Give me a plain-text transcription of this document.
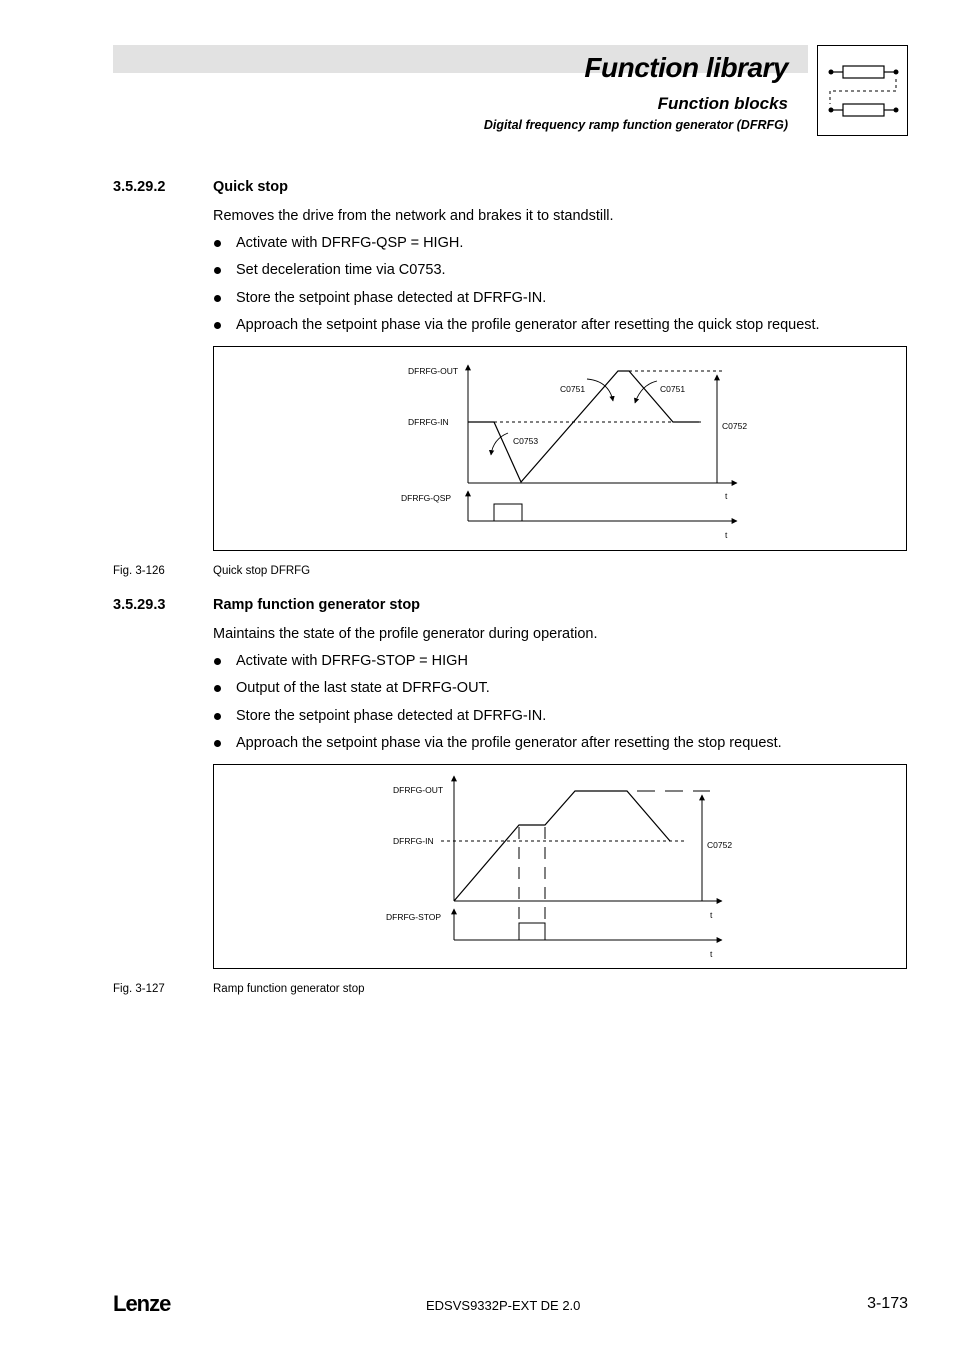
Function library
Function blocks
Digital frequency ramp function generator (DFRFG)
3.5.29.2	Quick stop
Removes the drive from the network and brakes it to standstill.
Activate with DFRFG-QSP = HIGH.
Set deceleration time via C0753.
Store the setpoint phase detected at DFRFG-IN.
Approach the setpoint phase via the profile generator after resetting the quick stop request.
DFRFG-OUT
DFRFG-IN
DFRFG-QSP
C0751	C0751
C0753
C0752
t
t
Fig. 3-126	Quick stop DFRFG
3.5.29.3	Ramp function generator stop
Maintains the state of the profile generator during operation.
Activate with DFRFG-STOP = HIGH
Output of the last state at DFRFG-OUT.
Store the setpoint phase detected at DFRFG-IN.
Approach the setpoint phase via the profile generator after resetting the stop request.
DFRFG-OUT
DFRFG-IN
DFRFG-STOP
C0752
t
t
Fig. 3-127	Ramp function generator stop
Lenze	EDSVS9332P-EXT DE 2.0	3-173
